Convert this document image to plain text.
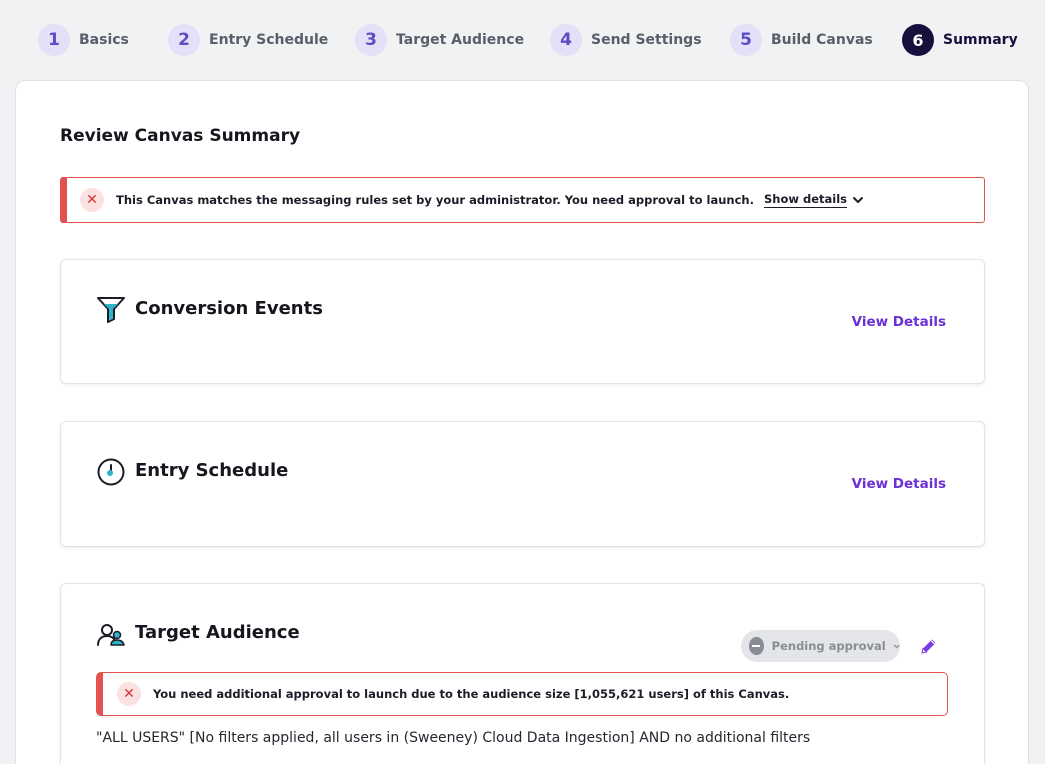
1	Basics	2	Entry Schedule	3	Target Audience	4	Send Settings	5	Build Canvas	6	Summary
Review Canvas Summary
✕	This Canvas matches the messaging rules set by your administrator. You need approval to launch. Show details
Conversion Events
View Details
Entry Schedule
View Details
Target Audience
Pending approval
✕	You need additional approval to launch due to the audience size [1,055,621 users] of this Canvas.
"ALL USERS" [No filters applied, all users in (Sweeney) Cloud Data Ingestion] AND no additional filters
